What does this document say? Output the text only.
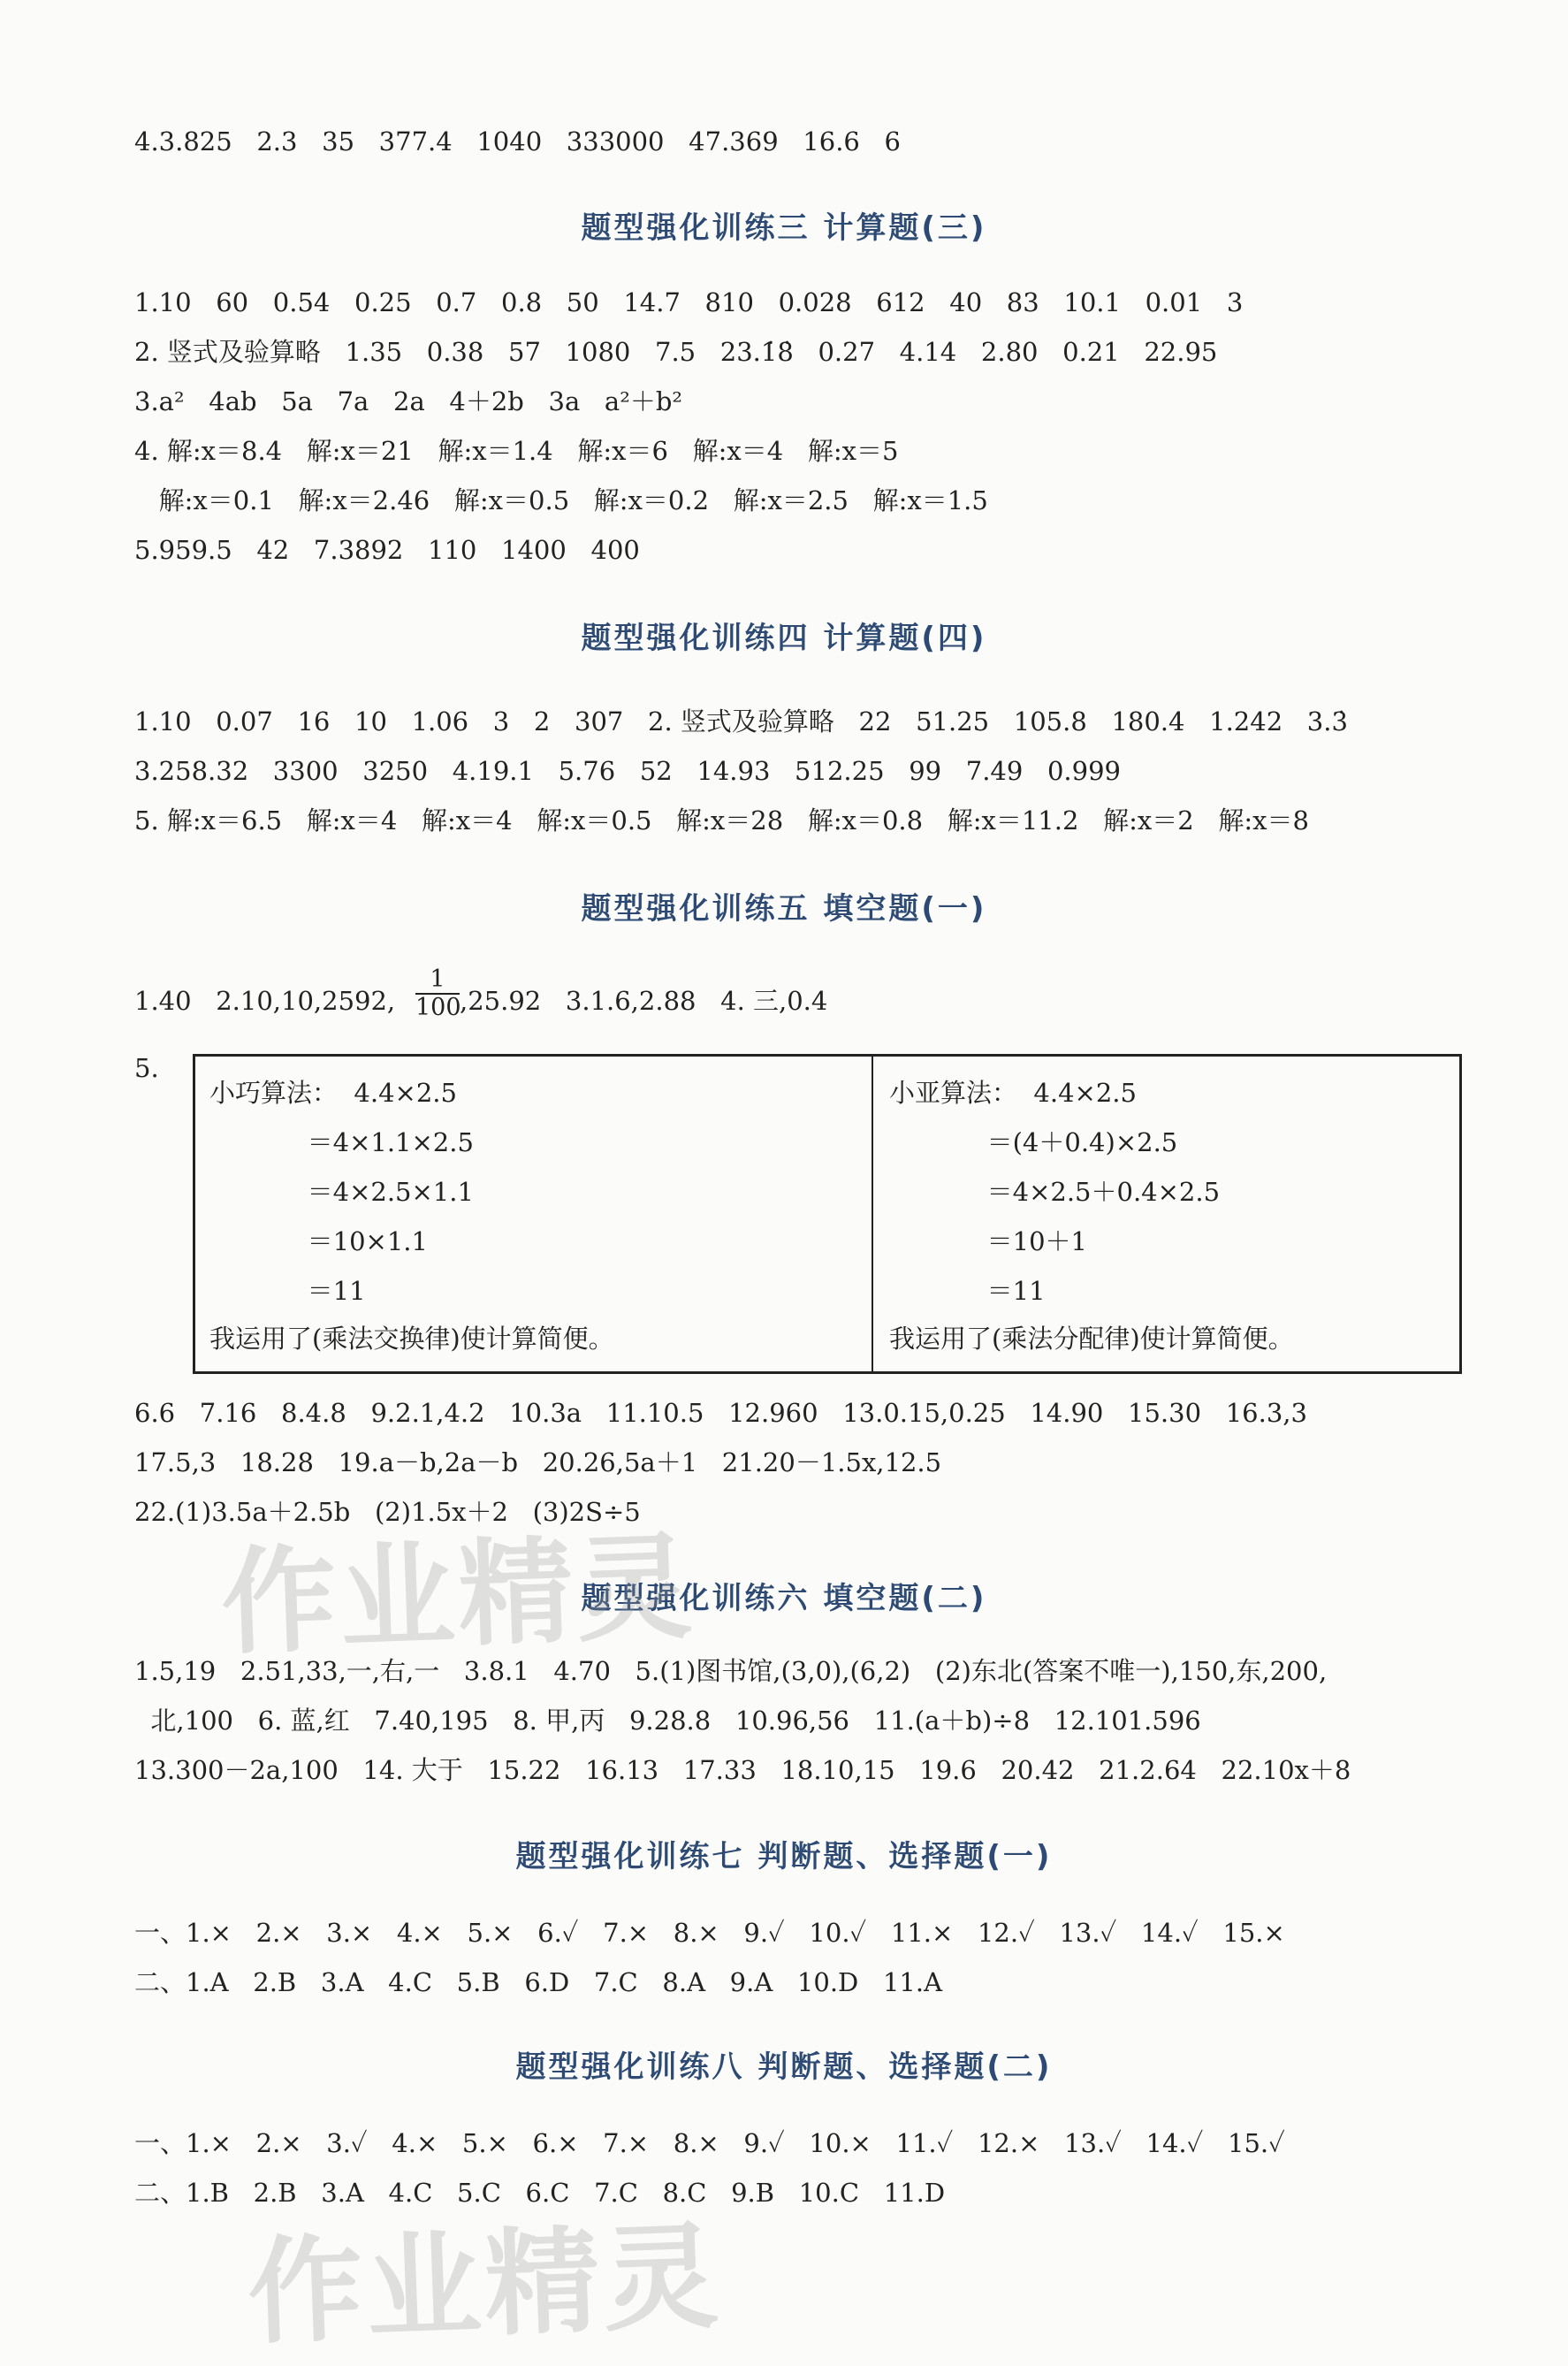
4.3.825   2.3   35   377.4   1040   333000   47.369   16.6   6
题型强化训练三 计算题(三)
1.10   60   0.54   0.25   0.7   0.8   50   14.7   810   0.028   612   40   83   10.1   0.01   3
2. 竖式及验算略   1.35   0.38   57   1080   7.5   23.1̇8̇   0.27   4.14   2.80   0.21   22.95
3.a²   4ab   5a   7a   2a   4＋2b   3a   a²＋b²
4. 解:x＝8.4   解:x＝21   解:x＝1.4   解:x＝6   解:x＝4   解:x＝5
解:x＝0.1   解:x＝2.46   解:x＝0.5   解:x＝0.2   解:x＝2.5   解:x＝1.5
5.959.5   42   7.3892   110   1400   400
题型强化训练四 计算题(四)
1.10   0.07   16   10   1.06   3   2   307   2. 竖式及验算略   22   51.25   105.8   180.4   1.242   3.3̇
3.258.32   3300   3250   4.19.1   5.76   52   14.93   512.25   99   7.49   0.999
5. 解:x＝6.5   解:x＝4   解:x＝4   解:x＝0.5   解:x＝28   解:x＝0.8   解:x＝11.2   解:x＝2   解:x＝8
题型强化训练五 填空题(一)
1.40   2.10,10,2592, $\frac{1}{100} ,25.92$   3.1.6,2.88   4. 三,0.4
5.
小巧算法：  4.4×2.5
＝4×1.1×2.5
＝4×2.5×1.1
＝10×1.1
＝11
我运用了(乘法交换律)使计算简便。
小亚算法：  4.4×2.5
＝(4＋0.4)×2.5
＝4×2.5＋0.4×2.5
＝10＋1
＝11
我运用了(乘法分配律)使计算简便。
6.6   7.16   8.4.8   9.2.1,4.2   10.3a   11.10.5   12.960   13.0.15,0.25   14.90   15.30   16.3,3
17.5,3   18.28   19.a－b,2a－b   20.26,5a＋1   21.20－1.5x,12.5
22.(1)3.5a＋2.5b   (2)1.5x＋2   (3)2S÷5
题型强化训练六 填空题(二)
1.5,19   2.51,33,一,右,一   3.8.1   4.70   5.(1)图书馆,(3,0),(6,2)   (2)东北(答案不唯一),150,东,200,
北,100   6. 蓝,红   7.40,195   8. 甲,丙   9.28.8   10.96,56   11.(a＋b)÷8   12.101.596
13.300－2a,100   14. 大于   15.22   16.13   17.33   18.10,15   19.6   20.42   21.2.64   22.10x＋8
题型强化训练七 判断题、选择题(一)
一、1.×   2.×   3.×   4.×   5.×   6.✓   7.×   8.×   9.✓   10.✓   11.×   12.✓   13.✓   14.✓   15.×
二、1.A   2.B   3.A   4.C   5.B   6.D   7.C   8.A   9.A   10.D   11.A
题型强化训练八 判断题、选择题(二)
一、1.×   2.×   3.✓   4.×   5.×   6.×   7.×   8.×   9.✓   10.×   11.✓   12.×   13.✓   14.✓   15.✓
二、1.B   2.B   3.A   4.C   5.C   6.C   7.C   8.C   9.B   10.C   11.D
作业精灵
作业精灵
